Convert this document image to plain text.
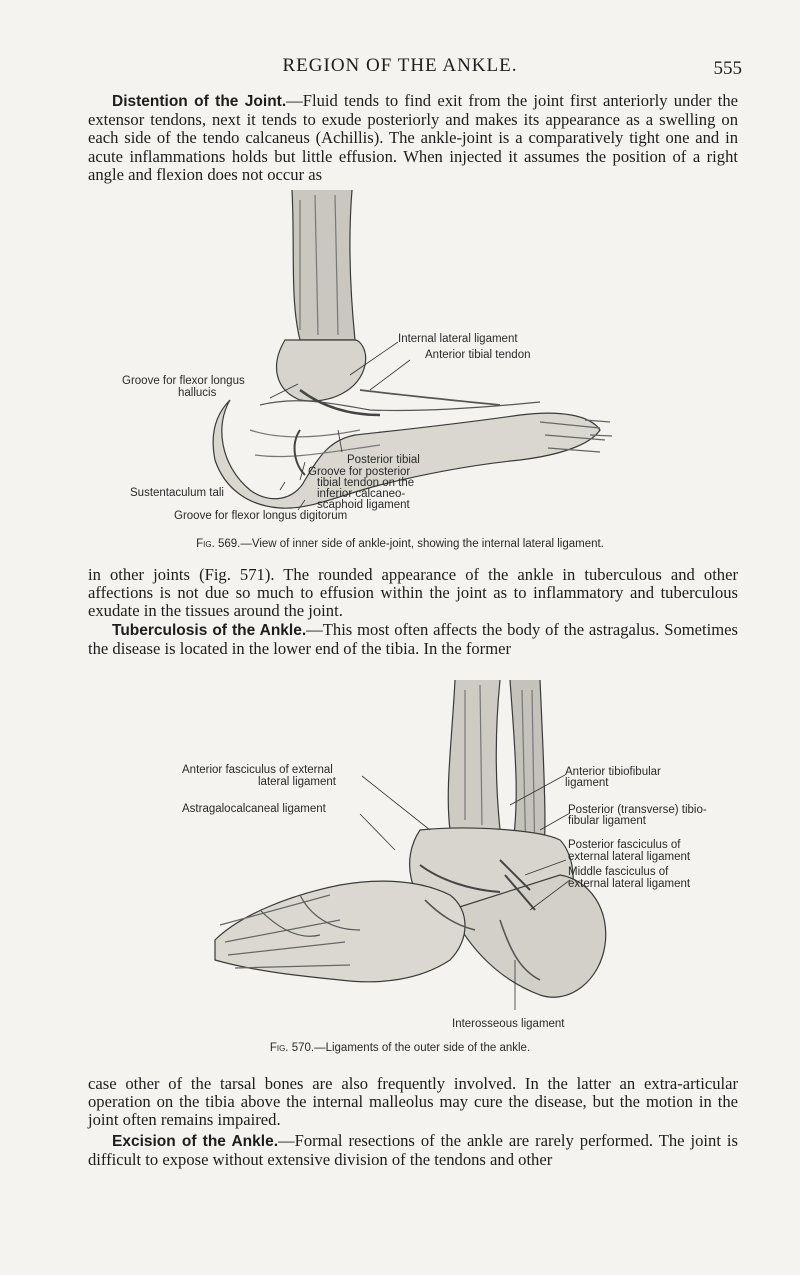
REGION OF THE ANKLE.	555

Distention of the Joint.—Fluid tends to find exit from the joint first anteriorly under the extensor tendons, next it tends to exude posteriorly and makes its appearance as a swelling on each side of the tendo calcaneus (Achillis). The ankle-joint is a comparatively tight one and in acute inflammations holds but little effusion. When injected it assumes the position of a right angle and flexion does not occur as

Internal lateral ligament
Anterior tibial tendon
Groove for flexor longus
hallucis
Posterior tibial
Groove for posterior
tibial tendon on the
inferior calcaneo-
scaphoid ligament
Sustentaculum tali
Groove for flexor longus digitorum
Fig. 569.—View of inner side of ankle-joint, showing the internal lateral ligament.

in other joints (Fig. 571). The rounded appearance of the ankle in tuberculous and other affections is not due so much to effusion within the joint as to inflammatory and tuberculous exudate in the tissues around the joint.

Tuberculosis of the Ankle.—This most often affects the body of the astragalus. Sometimes the disease is located in the lower end of the tibia. In the former

Anterior fasciculus of external
lateral ligament
Astragalocalcaneal ligament
Anterior tibiofibular
ligament
Posterior (transverse) tibio-
fibular ligament
Posterior fasciculus of
external lateral ligament
Middle fasciculus of
external lateral ligament
Interosseous ligament
Fig. 570.—Ligaments of the outer side of the ankle.

case other of the tarsal bones are also frequently involved. In the latter an extra-articular operation on the tibia above the internal malleolus may cure the disease, but the motion in the joint often remains impaired.

Excision of the Ankle.—Formal resections of the ankle are rarely performed. The joint is difficult to expose without extensive division of the tendons and other
